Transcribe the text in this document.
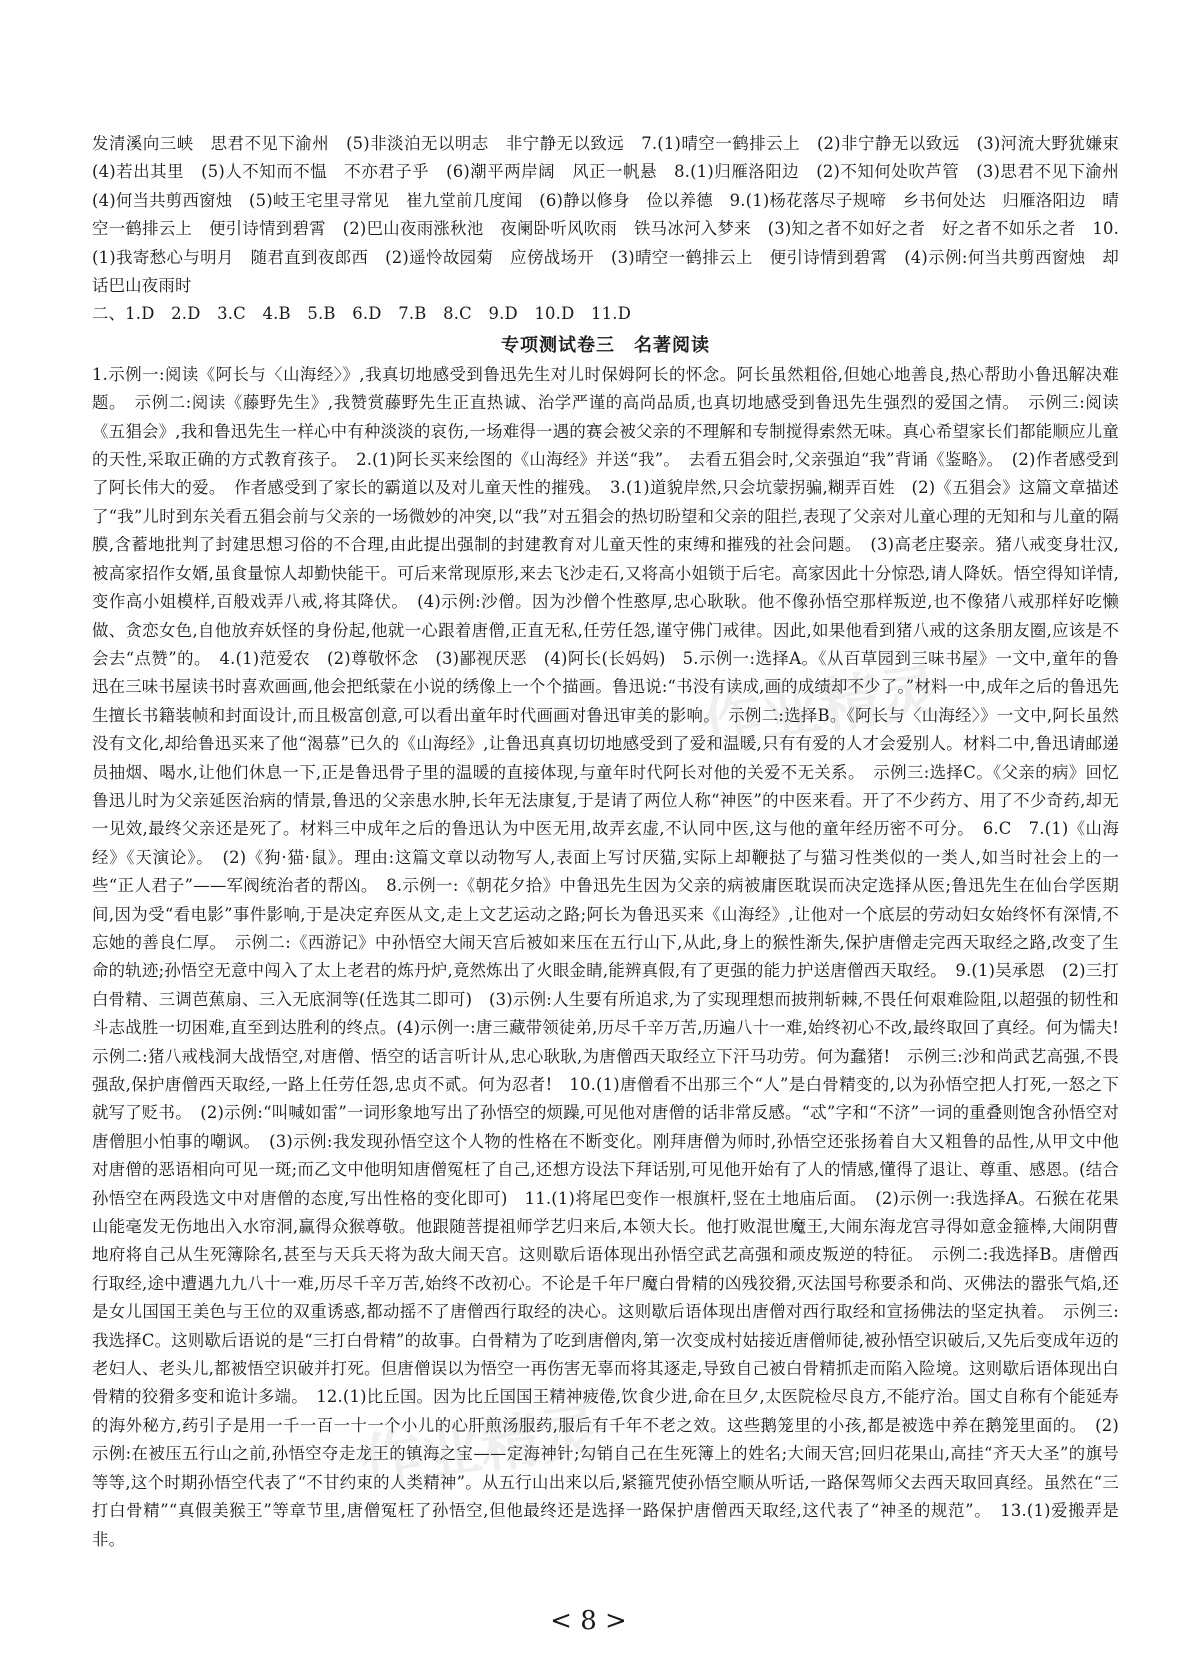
发清溪向三峡　思君不见下渝州　(5)非淡泊无以明志　非宁静无以致远　7.(1)晴空一鹤排云上　(2)非宁静无以致远　(3)河流大野犹嫌束　(4)若出其里　(5)人不知而不愠　不亦君子乎　(6)潮平两岸阔　风正一帆悬　8.(1)归雁洛阳边　(2)不知何处吹芦管　(3)思君不见下渝州　(4)何当共剪西窗烛　(5)岐王宅里寻常见　崔九堂前几度闻　(6)静以修身　俭以养德　9.(1)杨花落尽子规啼　乡书何处达　归雁洛阳边　晴空一鹤排云上　便引诗情到碧霄　(2)巴山夜雨涨秋池　夜阑卧听风吹雨　铁马冰河入梦来　(3)知之者不如好之者　好之者不如乐之者　10.(1)我寄愁心与明月　随君直到夜郎西　(2)遥怜故园菊　应傍战场开　(3)晴空一鹤排云上　便引诗情到碧霄　(4)示例:何当共剪西窗烛　却话巴山夜雨时

二、1.D　2.D　3.C　4.B　5.B　6.D　7.B　8.C　9.D　10.D　11.D

专项测试卷三　名著阅读

1.示例一:阅读《阿长与〈山海经〉》,我真切地感受到鲁迅先生对儿时保姆阿长的怀念。阿长虽然粗俗,但她心地善良,热心帮助小鲁迅解决难题。　示例二:阅读《藤野先生》,我赞赏藤野先生正直热诚、治学严谨的高尚品质,也真切地感受到鲁迅先生强烈的爱国之情。　示例三:阅读《五猖会》,我和鲁迅先生一样心中有种淡淡的哀伤,一场难得一遇的赛会被父亲的不理解和专制搅得索然无味。真心希望家长们都能顺应儿童的天性,采取正确的方式教育孩子。　2.(1)阿长买来绘图的《山海经》并送“我”。　去看五猖会时,父亲强迫“我”背诵《鉴略》。　(2)作者感受到了阿长伟大的爱。　作者感受到了家长的霸道以及对儿童天性的摧残。　3.(1)道貌岸然,只会坑蒙拐骗,糊弄百姓　(2)《五猖会》这篇文章描述了“我”儿时到东关看五猖会前与父亲的一场微妙的冲突,以“我”对五猖会的热切盼望和父亲的阻拦,表现了父亲对儿童心理的无知和与儿童的隔膜,含蓄地批判了封建思想习俗的不合理,由此提出强制的封建教育对儿童天性的束缚和摧残的社会问题。　(3)高老庄娶亲。猪八戒变身壮汉,被高家招作女婿,虽食量惊人却勤快能干。可后来常现原形,来去飞沙走石,又将高小姐锁于后宅。高家因此十分惊恐,请人降妖。悟空得知详情,变作高小姐模样,百般戏弄八戒,将其降伏。　(4)示例:沙僧。因为沙僧个性憨厚,忠心耿耿。他不像孙悟空那样叛逆,也不像猪八戒那样好吃懒做、贪恋女色,自他放弃妖怪的身份起,他就一心跟着唐僧,正直无私,任劳任怨,谨守佛门戒律。因此,如果他看到猪八戒的这条朋友圈,应该是不会去“点赞”的。　4.(1)范爱农　(2)尊敬怀念　(3)鄙视厌恶　(4)阿长(长妈妈)　5.示例一:选择A。《从百草园到三味书屋》一文中,童年的鲁迅在三味书屋读书时喜欢画画,他会把纸蒙在小说的绣像上一个个描画。鲁迅说:“书没有读成,画的成绩却不少了。”材料一中,成年之后的鲁迅先生擅长书籍装帧和封面设计,而且极富创意,可以看出童年时代画画对鲁迅审美的影响。　示例二:选择B。《阿长与〈山海经〉》一文中,阿长虽然没有文化,却给鲁迅买来了他“渴慕”已久的《山海经》,让鲁迅真真切切地感受到了爱和温暖,只有有爱的人才会爱别人。材料二中,鲁迅请邮递员抽烟、喝水,让他们休息一下,正是鲁迅骨子里的温暖的直接体现,与童年时代阿长对他的关爱不无关系。　示例三:选择C。《父亲的病》回忆鲁迅儿时为父亲延医治病的情景,鲁迅的父亲患水肿,长年无法康复,于是请了两位人称“神医”的中医来看。开了不少药方、用了不少奇药,却无一见效,最终父亲还是死了。材料三中成年之后的鲁迅认为中医无用,故弄玄虚,不认同中医,这与他的童年经历密不可分。　6.C　7.(1)《山海经》《天演论》。　(2)《狗·猫·鼠》。理由:这篇文章以动物写人,表面上写讨厌猫,实际上却鞭挞了与猫习性类似的一类人,如当时社会上的一些“正人君子”——军阀统治者的帮凶。　8.示例一:《朝花夕拾》中鲁迅先生因为父亲的病被庸医耽误而决定选择从医;鲁迅先生在仙台学医期间,因为受“看电影”事件影响,于是决定弃医从文,走上文艺运动之路;阿长为鲁迅买来《山海经》,让他对一个底层的劳动妇女始终怀有深情,不忘她的善良仁厚。　示例二:《西游记》中孙悟空大闹天宫后被如来压在五行山下,从此,身上的猴性渐失,保护唐僧走完西天取经之路,改变了生命的轨迹;孙悟空无意中闯入了太上老君的炼丹炉,竟然炼出了火眼金睛,能辨真假,有了更强的能力护送唐僧西天取经。　9.(1)吴承恩　(2)三打白骨精、三调芭蕉扇、三入无底洞等(任选其二即可)　(3)示例:人生要有所追求,为了实现理想而披荆斩棘,不畏任何艰难险阻,以超强的韧性和斗志战胜一切困难,直至到达胜利的终点。(4)示例一:唐三藏带领徒弟,历尽千辛万苦,历遍八十一难,始终初心不改,最终取回了真经。何为懦夫!　示例二:猪八戒栈洞大战悟空,对唐僧、悟空的话言听计从,忠心耿耿,为唐僧西天取经立下汗马功劳。何为蠢猪!　示例三:沙和尚武艺高强,不畏强敌,保护唐僧西天取经,一路上任劳任怨,忠贞不贰。何为忍者!　10.(1)唐僧看不出那三个“人”是白骨精变的,以为孙悟空把人打死,一怒之下就写了贬书。　(2)示例:“叫喊如雷”一词形象地写出了孙悟空的烦躁,可见他对唐僧的话非常反感。“忒”字和“不济”一词的重叠则饱含孙悟空对唐僧胆小怕事的嘲讽。　(3)示例:我发现孙悟空这个人物的性格在不断变化。刚拜唐僧为师时,孙悟空还张扬着自大又粗鲁的品性,从甲文中他对唐僧的恶语相向可见一斑;而乙文中他明知唐僧冤枉了自己,还想方设法下拜话别,可见他开始有了人的情感,懂得了退让、尊重、感恩。(结合孙悟空在两段选文中对唐僧的态度,写出性格的变化即可)　11.(1)将尾巴变作一根旗杆,竖在土地庙后面。　(2)示例一:我选择A。石猴在花果山能毫发无伤地出入水帘洞,赢得众猴尊敬。他跟随菩提祖师学艺归来后,本领大长。他打败混世魔王,大闹东海龙宫寻得如意金箍棒,大闹阴曹地府将自己从生死簿除名,甚至与天兵天将为敌大闹天宫。这则歇后语体现出孙悟空武艺高强和顽皮叛逆的特征。　示例二:我选择B。唐僧西行取经,途中遭遇九九八十一难,历尽千辛万苦,始终不改初心。不论是千年尸魔白骨精的凶残狡猾,灭法国号称要杀和尚、灭佛法的嚣张气焰,还是女儿国国王美色与王位的双重诱惑,都动摇不了唐僧西行取经的决心。这则歇后语体现出唐僧对西行取经和宣扬佛法的坚定执着。　示例三:我选择C。这则歇后语说的是“三打白骨精”的故事。白骨精为了吃到唐僧肉,第一次变成村姑接近唐僧师徒,被孙悟空识破后,又先后变成年迈的老妇人、老头儿,都被悟空识破并打死。但唐僧误以为悟空一再伤害无辜而将其逐走,导致自己被白骨精抓走而陷入险境。这则歇后语体现出白骨精的狡猾多变和诡计多端。　12.(1)比丘国。因为比丘国国王精神疲倦,饮食少进,命在旦夕,太医院检尽良方,不能疗治。国丈自称有个能延寿的海外秘方,药引子是用一千一百一十一个小儿的心肝煎汤服药,服后有千年不老之效。这些鹅笼里的小孩,都是被选中养在鹅笼里面的。　(2)示例:在被压五行山之前,孙悟空夺走龙王的镇海之宝——定海神针;勾销自己在生死簿上的姓名;大闹天宫;回归花果山,高挂“齐天大圣”的旗号等等,这个时期孙悟空代表了“不甘约束的人类精神”。从五行山出来以后,紧箍咒使孙悟空顺从听话,一路保驾师父去西天取回真经。虽然在“三打白骨精”“真假美猴王”等章节里,唐僧冤枉了孙悟空,但他最终还是选择一路保护唐僧西天取经,这代表了“神圣的规范”。　13.(1)爱搬弄是非。

作业精灵
作业精灵
< 8 >
